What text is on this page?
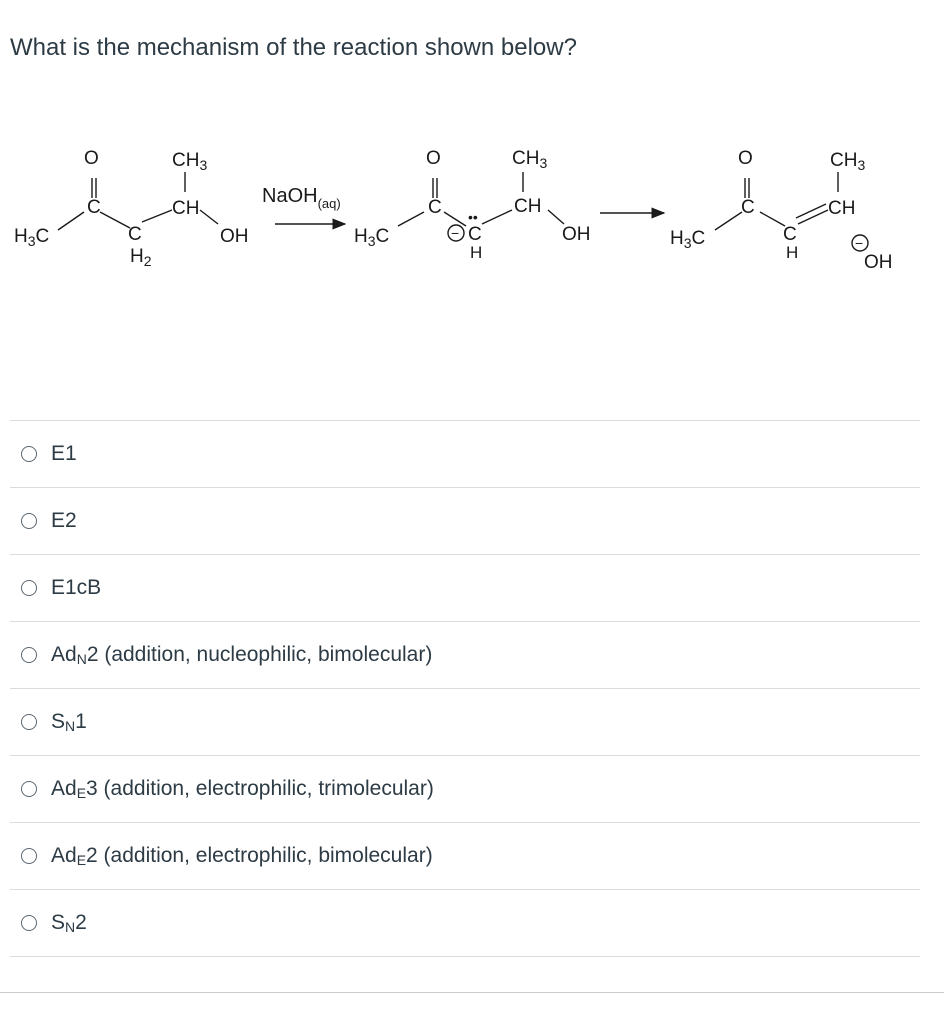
What is the mechanism of the reaction shown below?
$H_3C$
C
O
C
$H_2$
CH
$CH_3$
OH
NaOH$_{(aq)}$
$H_3C$
C
O
C
••
−
H
CH
$CH_3$
OH	$H_3C$
C
O
C
H
CH
$CH_3$
−
OH
E1
E2
E1cB
$Ad_N2$ (addition, nucleophilic, bimolecular)
$S_N1$
$Ad_E3$ (addition, electrophilic, trimolecular)
$Ad_E2$ (addition, electrophilic, bimolecular)
$S_N2$
